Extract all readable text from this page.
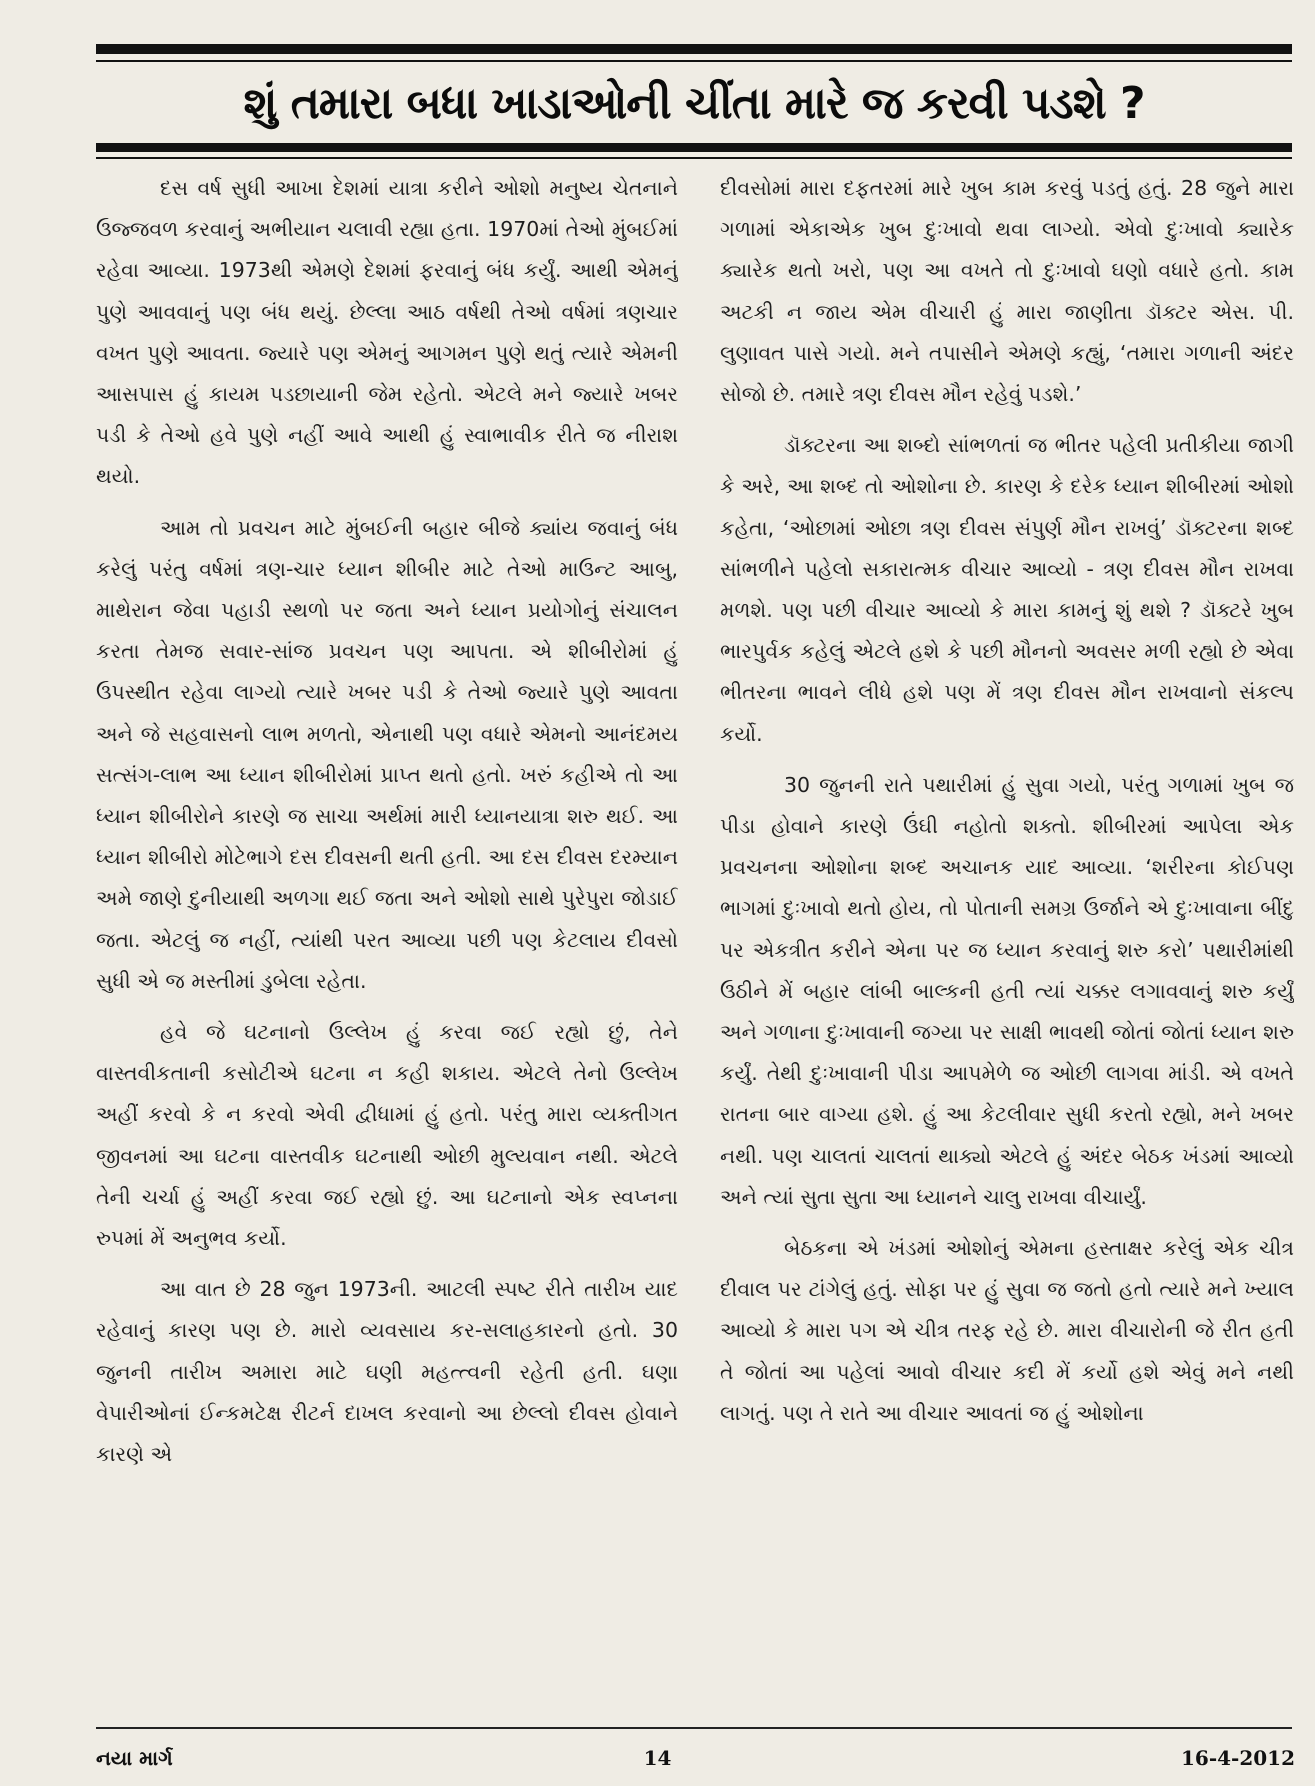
શું તમારા બધા ખાડાઓની ચીંતા મારે જ કરવી પડશે ?

દસ વર્ષ સુધી આખા દેશમાં યાત્રા કરીને ઓશો મનુષ્ય ચેતનાને ઉજ્જવળ કરવાનું અભીયાન ચલાવી રહ્યા હતા. 1970માં તેઓ મુંબઈમાં રહેવા આવ્યા. 1973થી એમણે દેશમાં ફરવાનું બંધ કર્યું. આથી એમનું પુણે આવવાનું પણ બંધ થયું. છેલ્લા આઠ વર્ષથી તેઓ વર્ષમાં ત્રણચાર વખત પુણે આવતા. જ્યારે પણ એમનું આગમન પુણે થતું ત્યારે એમની આસપાસ હું કાયમ પડછાયાની જેમ રહેતો. એટલે મને જ્યારે ખબર પડી કે તેઓ હવે પુણે નહીં આવે આથી હું સ્વાભાવીક રીતે જ નીરાશ થયો.

આમ તો પ્રવચન માટે મુંબઈની બહાર બીજે ક્યાંય જવાનું બંધ કરેલું પરંતુ વર્ષમાં ત્રણ-ચાર ધ્યાન શીબીર માટે તેઓ માઉન્ટ આબુ, માથેરાન જેવા પહાડી સ્થળો પર જતા અને ધ્યાન પ્રયોગોનું સંચાલન કરતા તેમજ સવાર-સાંજ પ્રવચન પણ આપતા. એ શીબીરોમાં હું ઉપસ્થીત રહેવા લાગ્યો ત્યારે ખબર પડી કે તેઓ જ્યારે પુણે આવતા અને જે સહવાસનો લાભ મળતો, એનાથી પણ વધારે એમનો આનંદમય સત્સંગ-લાભ આ ધ્યાન શીબીરોમાં પ્રાપ્ત થતો હતો. ખરું કહીએ તો આ ધ્યાન શીબીરોને કારણે જ સાચા અર્થમાં મારી ધ્યાનયાત્રા શરુ થઈ. આ ધ્યાન શીબીરો મોટેભાગે દસ દીવસની થતી હતી. આ દસ દીવસ દરમ્યાન અમે જાણે દુનીયાથી અળગા થઈ જતા અને ઓશો સાથે પુરેપુરા જોડાઈ જતા. એટલું જ નહીં, ત્યાંથી પરત આવ્યા પછી પણ કેટલાય દીવસો સુધી એ જ મસ્તીમાં ડુબેલા રહેતા.

હવે જે ઘટનાનો ઉલ્લેખ હું કરવા જઈ રહ્યો છું, તેને વાસ્તવીકતાની કસોટીએ ઘટના ન કહી શકાય. એટલે તેનો ઉલ્લેખ અહીં કરવો કે ન કરવો એવી દ્વીધામાં હું હતો. પરંતુ મારા વ્યક્તીગત જીવનમાં આ ઘટના વાસ્તવીક ઘટનાથી ઓછી મુલ્યવાન નથી. એટલે તેની ચર્ચા હું અહીં કરવા જઈ રહ્યો છું. આ ઘટનાનો એક સ્વપ્નના રુપમાં મેં અનુભવ કર્યો.

આ વાત છે 28 જુન 1973ની. આટલી સ્પષ્ટ રીતે તારીખ યાદ રહેવાનું કારણ પણ છે. મારો વ્યવસાય કર-સલાહકારનો હતો. 30 જુનની તારીખ અમારા માટે ઘણી મહત્ત્વની રહેતી હતી. ઘણા વેપારીઓનાં ઈન્કમટેક્ષ રીટર્ન દાખલ કરવાનો આ છેલ્લો દીવસ હોવાને કારણે એ

દીવસોમાં મારા દફતરમાં મારે ખુબ કામ કરવું પડતું હતું. 28 જુને મારા ગળામાં એકાએક ખુબ દુઃખાવો થવા લાગ્યો. એવો દુઃખાવો ક્યારેક ક્યારેક થતો ખરો, પણ આ વખતે તો દુઃખાવો ઘણો વધારે હતો. કામ અટકી ન જાય એમ વીચારી હું મારા જાણીતા ડૉક્ટર એસ. પી. લુણાવત પાસે ગયો. મને તપાસીને એમણે કહ્યું, ‘તમારા ગળાની અંદર સોજો છે. તમારે ત્રણ દીવસ મૌન રહેવું પડશે.’

ડૉક્ટરના આ શબ્દો સાંભળતાં જ ભીતર પહેલી પ્રતીકીયા જાગી કે અરે, આ શબ્દ તો ઓશોના છે. કારણ કે દરેક ધ્યાન શીબીરમાં ઓશો કહેતા, ‘ઓછામાં ઓછા ત્રણ દીવસ સંપુર્ણ મૌન રાખવું’ ડૉક્ટરના શબ્દ સાંભળીને પહેલો સકારાત્મક વીચાર આવ્યો - ત્રણ દીવસ મૌન રાખવા મળશે. પણ પછી વીચાર આવ્યો કે મારા કામનું શું થશે ? ડૉક્ટરે ખુબ ભારપુર્વક કહેલું એટલે હશે કે પછી મૌનનો અવસર મળી રહ્યો છે એવા ભીતરના ભાવને લીધે હશે પણ મેં ત્રણ દીવસ મૌન રાખવાનો સંકલ્પ કર્યો.

30 જુનની રાતે પથારીમાં હું સુવા ગયો, પરંતુ ગળામાં ખુબ જ પીડા હોવાને કારણે ઉંઘી નહોતો શક્તો. શીબીરમાં આપેલા એક પ્રવચનના ઓશોના શબ્દ અચાનક યાદ આવ્યા. ‘શરીરના કોઈપણ ભાગમાં દુઃખાવો થતો હોય, તો પોતાની સમગ્ર ઉર્જાને એ દુઃખાવાના બીંદુ પર એકત્રીત કરીને એના પર જ ધ્યાન કરવાનું શરુ કરો’ પથારીમાંથી ઉઠીને મેં બહાર લાંબી બાલ્કની હતી ત્યાં ચક્કર લગાવવાનું શરુ કર્યું અને ગળાના દુઃખાવાની જગ્યા પર સાક્ષી ભાવથી જોતાં જોતાં ધ્યાન શરુ કર્યું. તેથી દુઃખાવાની પીડા આપમેળે જ ઓછી લાગવા માંડી. એ વખતે રાતના બાર વાગ્યા હશે. હું આ કેટલીવાર સુધી કરતો રહ્યો, મને ખબર નથી. પણ ચાલતાં ચાલતાં થાક્યો એટલે હું અંદર બેઠક ખંડમાં આવ્યો અને ત્યાં સુતા સુતા આ ધ્યાનને ચાલુ રાખવા વીચાર્યું.

બેઠકના એ ખંડમાં ઓશોનું એમના હસ્તાક્ષર કરેલું એક ચીત્ર દીવાલ પર ટાંગેલું હતું. સોફા પર હું સુવા જ જતો હતો ત્યારે મને ખ્યાલ આવ્યો કે મારા પગ એ ચીત્ર તરફ રહે છે. મારા વીચારોની જે રીત હતી તે જોતાં આ પહેલાં આવો વીચાર કદી મેં કર્યો હશે એવું મને નથી લાગતું. પણ તે રાતે આ વીચાર આવતાં જ હું ઓશોના

નયા માર્ગ	14	16-4-2012
